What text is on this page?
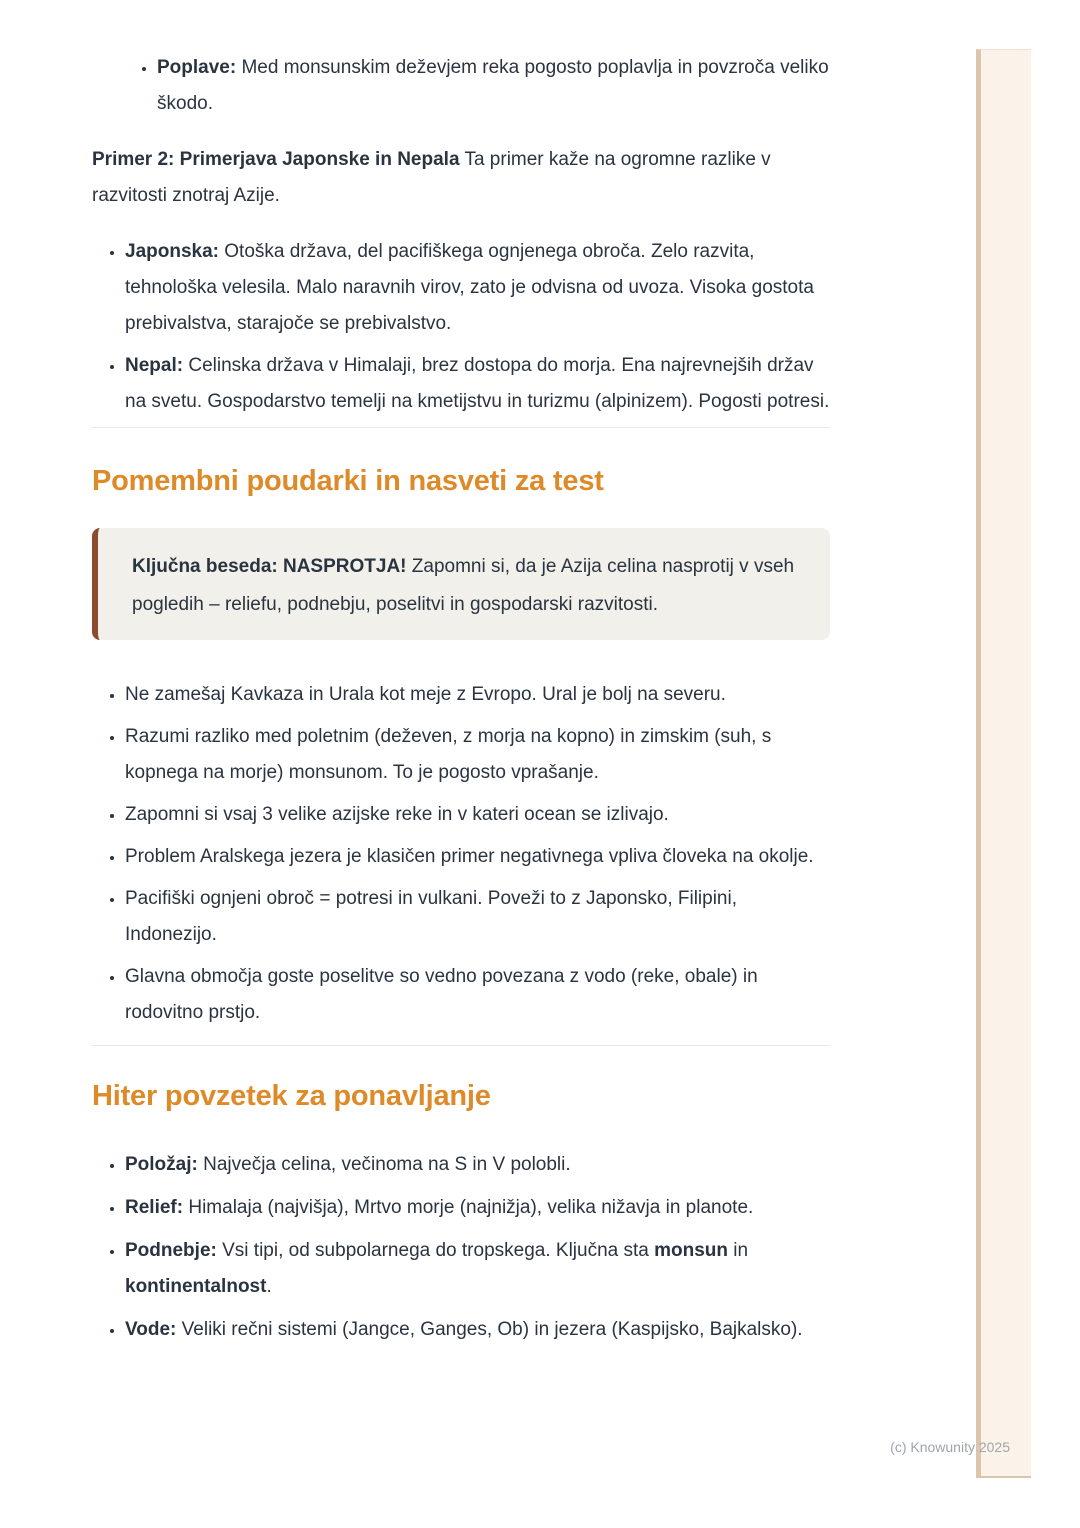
• Poplave: Med monsunskim deževjem reka pogosto poplavlja in povzroča veliko škodo.

Primer 2: Primerjava Japonske in Nepala Ta primer kaže na ogromne razlike v razvitosti znotraj Azije.

• Japonska: Otoška država, del pacifiškega ognjenega obroča. Zelo razvita, tehnološka velesila. Malo naravnih virov, zato je odvisna od uvoza. Visoka gostota prebivalstva, starajoče se prebivalstvo.
• Nepal: Celinska država v Himalaji, brez dostopa do morja. Ena najrevnejših držav na svetu. Gospodarstvo temelji na kmetijstvu in turizmu (alpinizem). Pogosti potresi.
Pomembni poudarki in nasveti za test
Ključna beseda: NASPROTJA! Zapomni si, da je Azija celina nasprotij v vseh pogledih – reliefu, podnebju, poselitvi in gospodarski razvitosti.
• Ne zamešaj Kavkaza in Urala kot meje z Evropo. Ural je bolj na severu.
• Razumi razliko med poletnim (deževen, z morja na kopno) in zimskim (suh, s kopnega na morje) monsunom. To je pogosto vprašanje.
• Zapomni si vsaj 3 velike azijske reke in v kateri ocean se izlivajo.
• Problem Aralskega jezera je klasičen primer negativnega vpliva človeka na okolje.
• Pacifiški ognjeni obroč = potresi in vulkani. Poveži to z Japonsko, Filipini, Indonezijo.
• Glavna območja goste poselitve so vedno povezana z vodo (reke, obale) in rodovitno prstjo.
Hiter povzetek za ponavljanje
• Položaj: Največja celina, večinoma na S in V polobli.
• Relief: Himalaja (najvišja), Mrtvo morje (najnižja), velika nižavja in planote.
• Podnebje: Vsi tipi, od subpolarnega do tropskega. Ključna sta monsun in kontinentalnost.
• Vode: Veliki rečni sistemi (Jangce, Ganges, Ob) in jezera (Kaspijsko, Bajkalsko).
(c) Knowunity 2025
